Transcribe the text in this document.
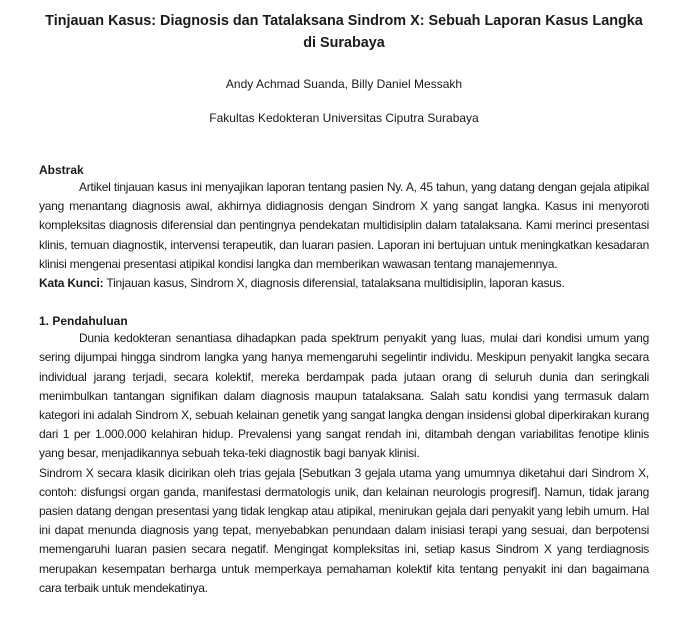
Tinjauan Kasus: Diagnosis dan Tatalaksana Sindrom X: Sebuah Laporan Kasus Langka di Surabaya
Andy Achmad Suanda, Billy Daniel Messakh
Fakultas Kedokteran Universitas Ciputra Surabaya
Abstrak

Artikel tinjauan kasus ini menyajikan laporan tentang pasien Ny. A, 45 tahun, yang datang dengan gejala atipikal yang menantang diagnosis awal, akhirnya didiagnosis dengan Sindrom X yang sangat langka. Kasus ini menyoroti kompleksitas diagnosis diferensial dan pentingnya pendekatan multidisiplin dalam tatalaksana. Kami merinci presentasi klinis, temuan diagnostik, intervensi terapeutik, dan luaran pasien. Laporan ini bertujuan untuk meningkatkan kesadaran klinisi mengenai presentasi atipikal kondisi langka dan memberikan wawasan tentang manajemennya.

Kata Kunci: Tinjauan kasus, Sindrom X, diagnosis diferensial, tatalaksana multidisiplin, laporan kasus.

1. Pendahuluan

Dunia kedokteran senantiasa dihadapkan pada spektrum penyakit yang luas, mulai dari kondisi umum yang sering dijumpai hingga sindrom langka yang hanya memengaruhi segelintir individu. Meskipun penyakit langka secara individual jarang terjadi, secara kolektif, mereka berdampak pada jutaan orang di seluruh dunia dan seringkali menimbulkan tantangan signifikan dalam diagnosis maupun tatalaksana. Salah satu kondisi yang termasuk dalam kategori ini adalah Sindrom X, sebuah kelainan genetik yang sangat langka dengan insidensi global diperkirakan kurang dari 1 per 1.000.000 kelahiran hidup. Prevalensi yang sangat rendah ini, ditambah dengan variabilitas fenotipe klinis yang besar, menjadikannya sebuah teka-teki diagnostik bagi banyak klinisi.

Sindrom X secara klasik dicirikan oleh trias gejala [Sebutkan 3 gejala utama yang umumnya diketahui dari Sindrom X, contoh: disfungsi organ ganda, manifestasi dermatologis unik, dan kelainan neurologis progresif]. Namun, tidak jarang pasien datang dengan presentasi yang tidak lengkap atau atipikal, menirukan gejala dari penyakit yang lebih umum. Hal ini dapat menunda diagnosis yang tepat, menyebabkan penundaan dalam inisiasi terapi yang sesuai, dan berpotensi memengaruhi luaran pasien secara negatif. Mengingat kompleksitas ini, setiap kasus Sindrom X yang terdiagnosis merupakan kesempatan berharga untuk memperkaya pemahaman kolektif kita tentang penyakit ini dan bagaimana cara terbaik untuk mendekatinya.
